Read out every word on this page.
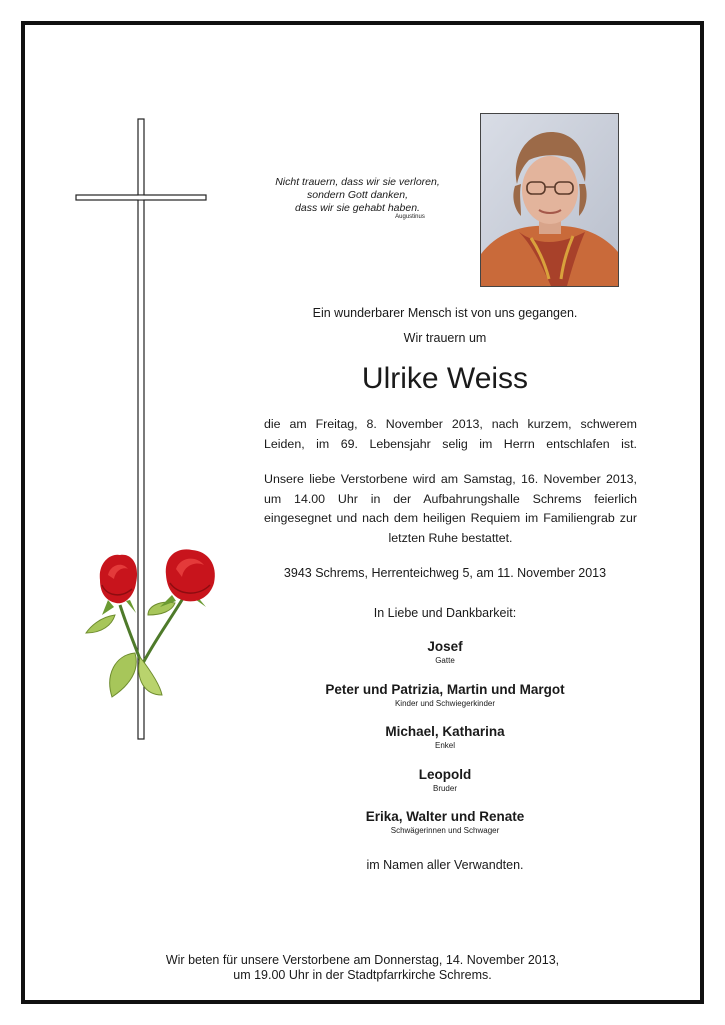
Nicht trauern, dass wir sie verloren,
sondern Gott danken,
dass wir sie gehabt haben.
Augustinus
Ein wunderbarer Mensch ist von uns gegangen.
Wir trauern um
Ulrike Weiss
die am Freitag, 8. November 2013, nach kurzem, schwerem Leiden, im 69. Lebensjahr selig im Herrn entschlafen ist.
Unsere liebe Verstorbene wird am Samstag, 16. November 2013, um 14.00 Uhr in der Aufbahrungshalle Schrems feierlich eingesegnet und nach dem heiligen Requiem im Familiengrab zur letzten Ruhe bestattet.
3943 Schrems, Herrenteichweg 5, am 11. November 2013
In Liebe und Dankbarkeit:
Josef
Gatte
Peter und Patrizia, Martin und Margot
Kinder und Schwiegerkinder
Michael, Katharina
Enkel
Leopold
Bruder
Erika, Walter und Renate
Schwägerinnen und Schwager
im Namen aller Verwandten.
Wir beten für unsere Verstorbene am Donnerstag, 14. November 2013,
um 19.00 Uhr in der Stadtpfarrkirche Schrems.
